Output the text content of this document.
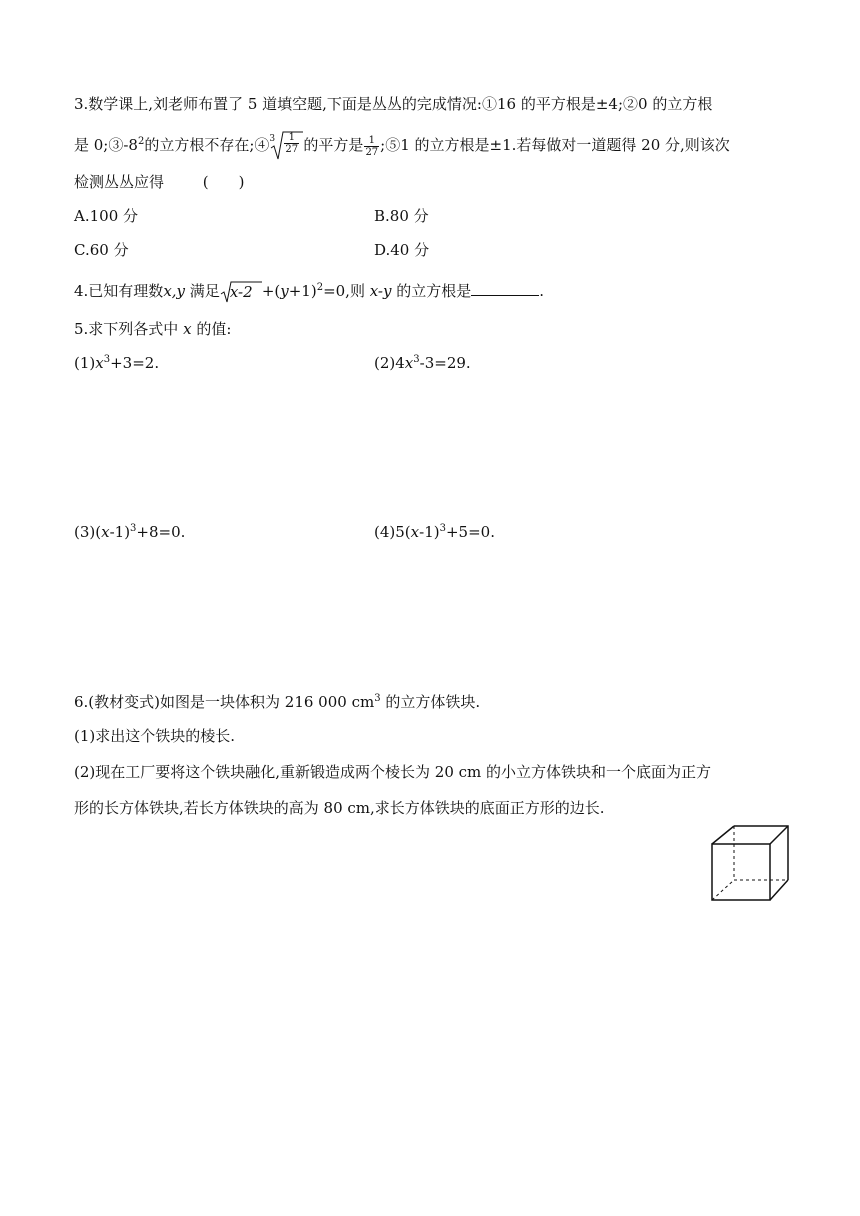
3.数学课上,刘老师布置了 5 道填空题,下面是丛丛的完成情况:①16 的平方根是±4;②0 的立方根
是 $0;③-8^2$的立方根不存在;④ $3 \frac{1}{27}$ 的平方是 $\frac{1}{27}$ ;⑤1 的立方根是±1.若每做对一道题得 20 分,则该次
检测丛丛应得	(　　)
A.100 分	B.80 分
C.60 分	D.40 分
4.已知有理数x,y 满足 $x-2 +(y+1)^2=0$,则 x-y 的立方根是	.
5.求下列各式中 x 的值:
$(1)x^3+3=2$.	$(2)4x^3-3=29$.
$(3)(x-1)^3+8=0$.	$(4)5(x-1)^3+5=0$.
6.(教材变式)如图是一块体积为 216 000 $cm^3$ 的立方体铁块.
(1)求出这个铁块的棱长.
(2)现在工厂要将这个铁块融化,重新锻造成两个棱长为 20 cm 的小立方体铁块和一个底面为正方
形的长方体铁块,若长方体铁块的高为 80 cm,求长方体铁块的底面正方形的边长.
